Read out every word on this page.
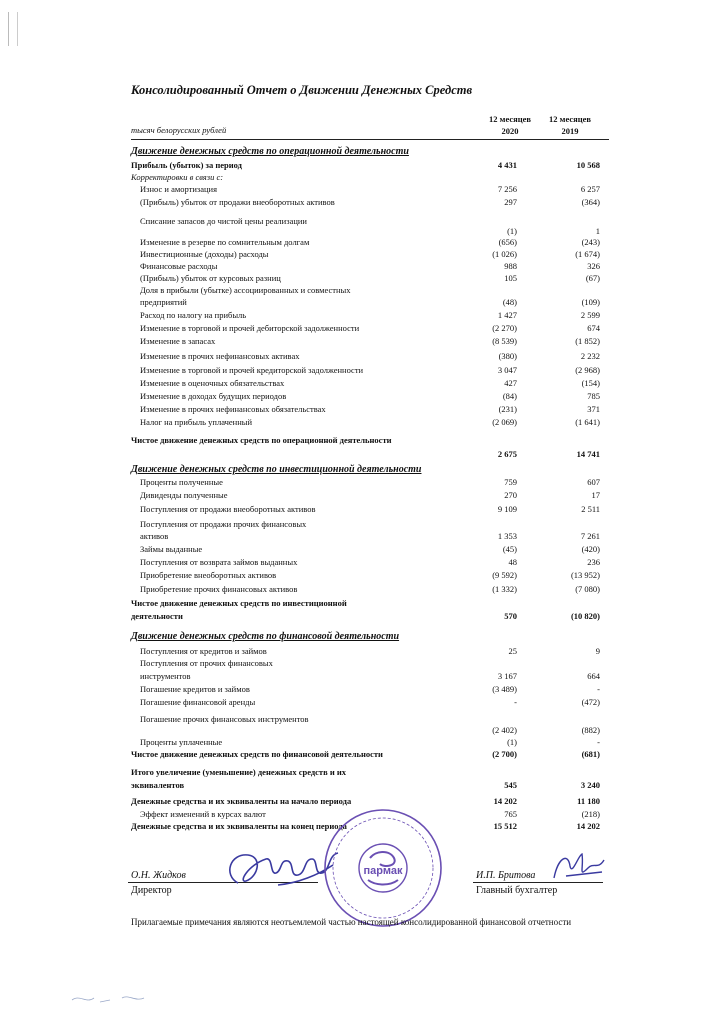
Консолидированный Отчет о Движении Денежных Средств
тысяч белорусских рублей
12 месяцев
2020
12 месяцев
2019
Движение денежных средств по операционной деятельности
Прибыль (убыток) за период	4 431	10 568
Корректировки в связи с:
Износ и амортизация	7 256	6 257
(Прибыль) убыток от продажи внеоборотных активов	297	(364)
Списание запасов до чистой цены реализации
(1)	1
Изменение в резерве по сомнительным долгам	(656)	(243)
Инвестиционные (доходы) расходы	(1 026)	(1 674)
Финансовые расходы	988	326
(Прибыль) убыток от курсовых разниц	105	(67)
Доля в прибыли (убытке) ассоциированных и совместных
предприятий	(48)	(109)
Расход по налогу на прибыль	1 427	2 599
Изменение в торговой и прочей дебиторской задолженности	(2 270)	674
Изменение в запасах	(8 539)	(1 852)
Изменение в прочих нефинансовых активах	(380)	2 232
Изменение в торговой и прочей кредиторской задолженности	3 047	(2 968)
Изменение в оценочных обязательствах	427	(154)
Изменение в доходах будущих периодов	(84)	785
Изменение в прочих нефинансовых обязательствах	(231)	371
Налог на прибыль уплаченный	(2 069)	(1 641)
Чистое движение денежных средств по операционной деятельности
2 675	14 741
Движение денежных средств по инвестиционной деятельности
Проценты полученные	759	607
Дивиденды полученные	270	17
Поступления от продажи внеоборотных активов	9 109	2 511
Поступления от продажи прочих финансовых
активов	1 353	7 261
Займы выданные	(45)	(420)
Поступления от возврата займов выданных	48	236
Приобретение внеоборотных активов	(9 592)	(13 952)
Приобретение прочих финансовых активов	(1 332)	(7 080)
Чистое движение денежных средств по инвестиционной
деятельности	570	(10 820)
Движение денежных средств по финансовой деятельности
Поступления от кредитов и займов	25	9
Поступления от прочих финансовых
инструментов	3 167	664
Погашение кредитов и займов	(3 489)	-
Погашение финансовой аренды	-	(472)
Погашение прочих финансовых инструментов
(2 402)	(882)
Проценты уплаченные	(1)	-
Чистое движение денежных средств по финансовой деятельности	(2 700)	(681)
Итого увеличение (уменьшение) денежных средств и их
эквивалентов	545	3 240
Денежные средства и их эквиваленты на начало периода	14 202	11 180
Эффект изменений в курсах валют	765	(218)
Денежные средства и их эквиваленты на конец периода	15 512	14 202
О.Н. Жидков
Директор
И.П. Бритова
Главный бухгалтер
пармак
Прилагаемые примечания являются неотъемлемой частью настоящей консолидированной финансовой отчетности
